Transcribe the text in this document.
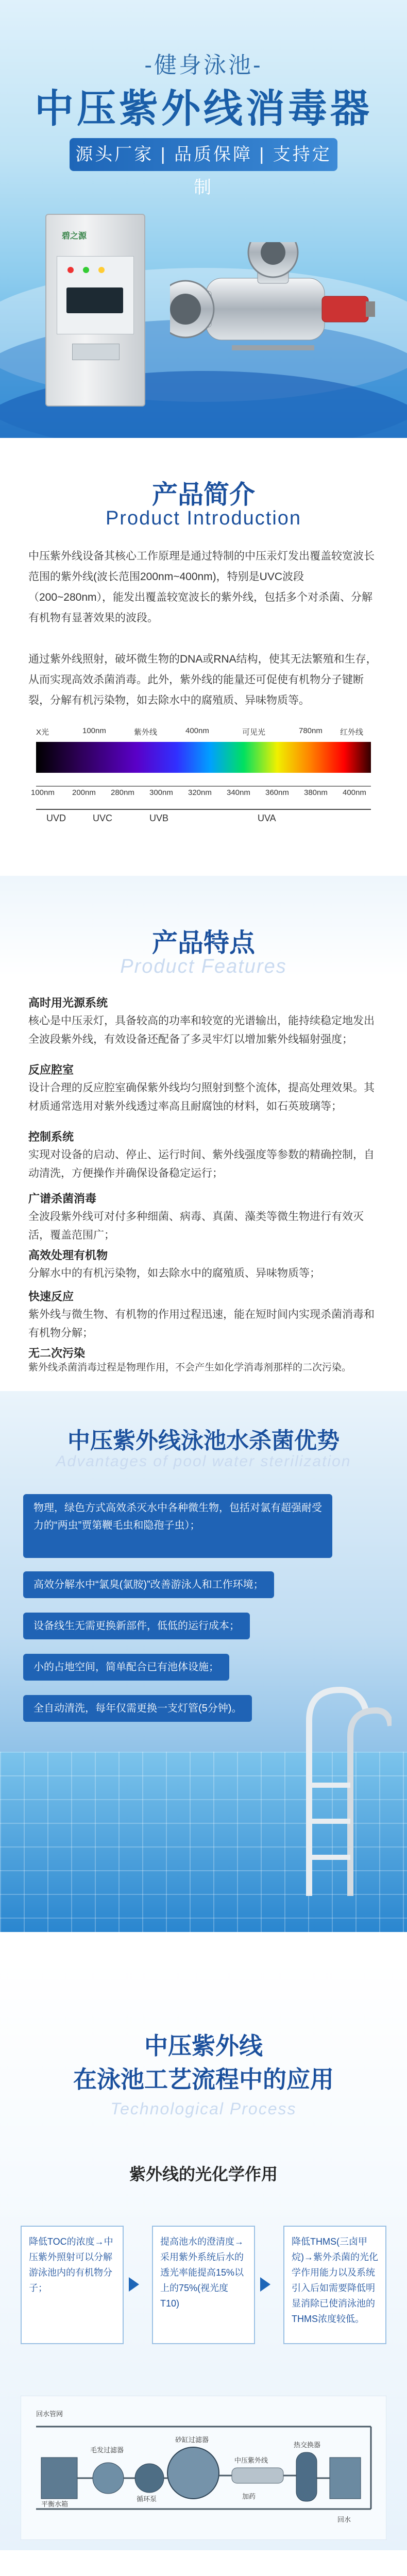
-健身泳池-
中压紫外线消毒器
源头厂家 | 品质保障 | 支持定制
碧之源
产品简介
Product Introduction
中压紫外线设备其核心工作原理是通过特制的中压汞灯发出覆盖较宽波长范围的紫外线(波长范围200nm~400nm)，特别是UVC波段（200~280nm），能发出覆盖较宽波长的紫外线，包括多个对杀菌、分解有机物有显著效果的波段。
通过紫外线照射，破坏微生物的DNA或RNA结构，使其无法繁殖和生存，从而实现高效杀菌消毒。此外，紫外线的能量还可促使有机物分子键断裂，分解有机污染物，如去除水中的腐殖质、异味物质等。
X光	100nm	紫外线	400nm	可见光	780nm 红外线
100nm 200nm 280nm 300nm 320nm 340nm 360nm 380nm 400nm
UVD	UVC	UVB	UVA
产品特点
Product Features
高时用光源系统
核心是中压汞灯，具备较高的功率和较宽的光谱输出，能持续稳定地发出全波段紫外线，有效设备还配备了多灵牢灯以增加紫外线辐射强度；
反应腔室
设计合理的反应腔室确保紫外线均匀照射到整个流体，提高处理效果。其材质通常选用对紫外线透过率高且耐腐蚀的材料，如石英玻璃等；
控制系统
实现对设备的启动、停止、运行时间、紫外线强度等参数的精确控制，自动清洗，方便操作并确保设备稳定运行；
广谱杀菌消毒
全波段紫外线可对付多种细菌、病毒、真菌、藻类等微生物进行有效灭活，覆盖范围广；
高效处理有机物
分解水中的有机污染物，如去除水中的腐殖质、异味物质等；
快速反应
紫外线与微生物、有机物的作用过程迅速，能在短时间内实现杀菌消毒和有机物分解；
无二次污染
紫外线杀菌消毒过程是物理作用，不会产生如化学消毒剂那样的二次污染。
中压紫外线泳池水杀菌优势
Advantages of pool water sterilization
物理，绿色方式高效杀灭水中各种微生物，包括对氯有超强耐受力的“两虫”贾第鞭毛虫和隐孢子虫）；
高效分解水中“氯臭(氯胺)”改善游泳人和工作环境；
设备线生无需更换新部件，低低的运行成本；
小的占地空间，简单配合已有池体设施；
全自动清洗，每年仅需更换一支灯管(5分钟)。
中压紫外线
在泳池工艺流程中的应用
Technological Process
紫外线的光化学作用
降低TOC的浓度→中压紫外照射可以分解游泳池内的有机物分子；
提高池水的澄清度→采用紫外系统后水的透光率能提高15%以上的75%(视光度T10)
降低THMS(三卤甲烷)→紫外杀菌的光化学作用能力以及系统引入后如需要降低明显消除已使消泳池的THMS浓度较低。
回水管网
平衡水箱
毛发过滤器
循环泵
砂缸过滤器
中压紫外线
加药
热交换器
回水
